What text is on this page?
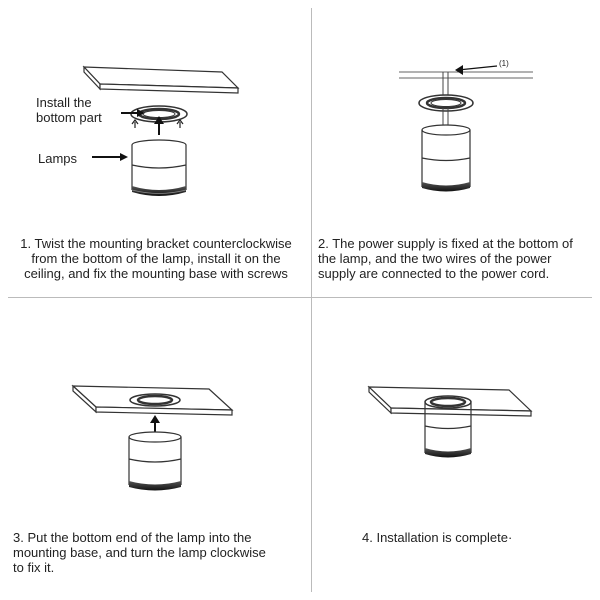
Install the
bottom part
Lamps
(1)
1. Twist the mounting bracket counterclockwise
from the bottom of the lamp, install it on the
ceiling, and fix the mounting base with screws
2. The power supply is fixed at the bottom of
the lamp, and the two wires of the power
supply are connected to the power cord.
3. Put the bottom end of the lamp into the
mounting base, and turn the lamp clockwise
to fix it.
4. Installation is complete·
